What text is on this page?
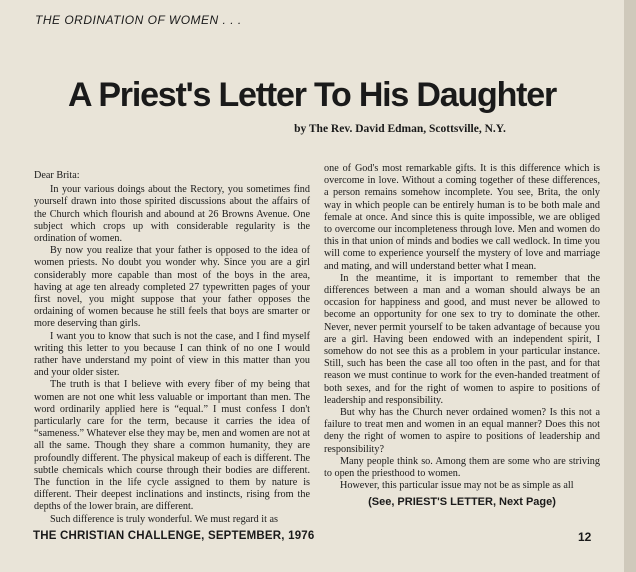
THE ORDINATION OF WOMEN . . .
A Priest's Letter To His Daughter
by The Rev. David Edman, Scottsville, N.Y.

Dear Brita:

In your various doings about the Rectory, you sometimes find yourself drawn into those spirited discussions about the affairs of the Church which flourish and abound at 26 Browns Avenue. One subject which crops up with considerable regularity is the ordination of women.

By now you realize that your father is opposed to the idea of women priests. No doubt you wonder why. Since you are a girl considerably more capable than most of the boys in the area, having at age ten already completed 27 typewritten pages of your first novel, you might suppose that your father opposes the ordaining of women because he still feels that boys are smarter or more deserving than girls.

I want you to know that such is not the case, and I find myself writing this letter to you because I can think of no one I would rather have understand my point of view in this matter than you and your older sister.

The truth is that I believe with every fiber of my being that women are not one whit less valuable or important than men. The word ordinarily applied here is “equal.” I must confess I don't particularly care for the term, because it carries the idea of “sameness.” Whatever else they may be, men and women are not at all the same. Though they share a common humanity, they are profoundly different. The physical makeup of each is different. The subtle chemicals which course through their bodies are different. The function in the life cycle assigned to them by nature is different. Their deepest inclinations and instincts, rising from the depths of the lower brain, are different.

Such difference is truly wonderful. We must regard it as

one of God's most remarkable gifts. It is this difference which is overcome in love. Without a coming together of these differences, a person remains somehow incomplete. You see, Brita, the only way in which people can be entirely human is to be both male and female at once. And since this is quite impossible, we are obliged to overcome our incompleteness through love. Men and women do this in that union of minds and bodies we call wedlock. In time you will come to experience yourself the mystery of love and marriage and mating, and will understand better what I mean.

In the meantime, it is important to remember that the differences between a man and a woman should always be an occasion for happiness and good, and must never be allowed to become an opportunity for one sex to try to dominate the other. Never, never permit yourself to be taken advantage of because you are a girl. Having been endowed with an independent spirit, I somehow do not see this as a problem in your particular instance. Still, such has been the case all too often in the past, and for that reason we must continue to work for the even-handed treatment of both sexes, and for the right of women to aspire to positions of leadership and responsibility.

But why has the Church never ordained women? Is this not a failure to treat men and women in an equal manner? Does this not deny the right of women to aspire to positions of leadership and responsibility?

Many people think so. Among them are some who are striving to open the priesthood to women.

However, this particular issue may not be as simple as all

(See, PRIEST'S LETTER, Next Page)
THE CHRISTIAN CHALLENGE, SEPTEMBER, 1976	12
